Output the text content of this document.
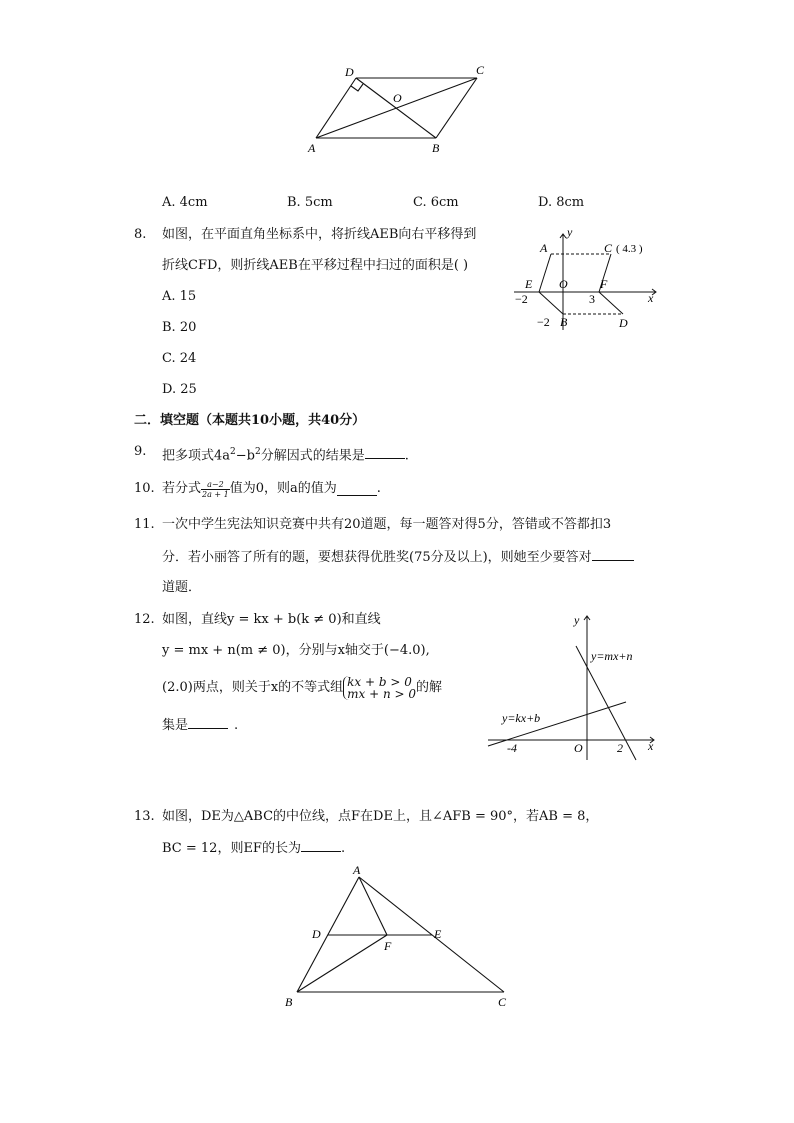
D	C
O
A	B
A. 4cm	B. 5cm	C. 6cm	D. 8cm
8. 如图，在平面直角坐标系中，将折线AEB向右平移得到
折线CFD，则折线AEB在平移过程中扫过的面积是( )
A. 15
B. 20
C. 24
D. 25
y
x
A	C ( 4.3 )
E O	F
−2	3
−2 B	D
二．填空题（本题共10小题，共40分）
9. 把多项式$4a^2-b^2$分解因式的结果是	.
10. 若分式 $\frac{a-2}{2a + 1}$ 值为0，则a的值为	.
11. 一次中学生宪法知识竞赛中共有20道题，每一题答对得5分，答错或不答都扣3
分．若小丽答了所有的题，要想获得优胜奖(75分及以上)，则她至少要答对
道题．
12. 如图，直线y = kx + b(k ≠ 0)和直线
y = mx + n(m ≠ 0)，分别与x轴交于(−4.0),
(2.0)两点，则关于x的不等式组 kx + b > 0
mx + n > 0 的解
集是	.
y
x
y=mx+n
y=kx+b
-4	O	2
13. 如图，DE为△ABC的中位线，点F在DE上，且∠AFB = 90°，若AB = 8，
BC = 12，则EF的长为	.
A
D
F
E
B	C
